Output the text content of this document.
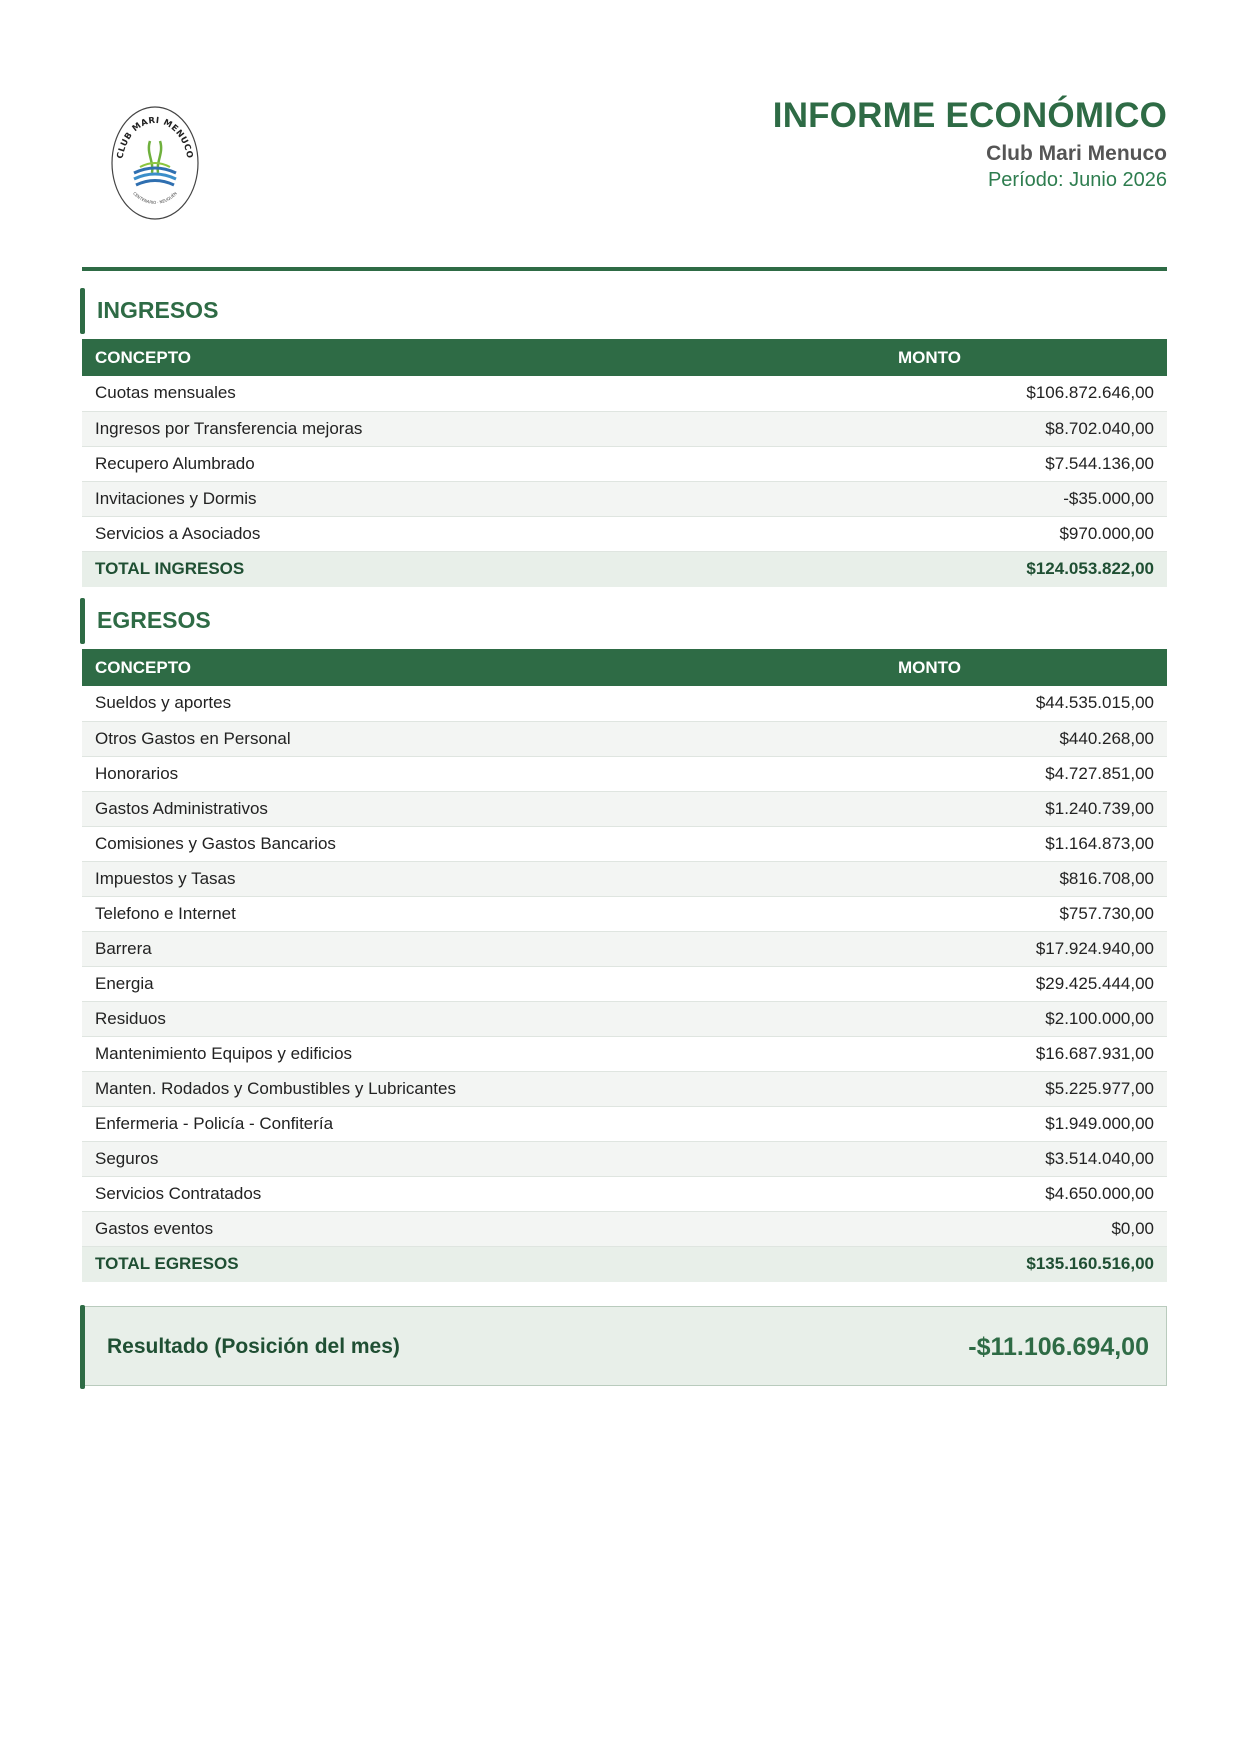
CLUB MARI MENUCO
CENTENARIO · NEUQUÉN
INFORME ECONÓMICO
Club Mari Menuco
Período: Junio 2026
INGRESOS
CONCEPTO	MONTO
Cuotas mensuales	$106.872.646,00
Ingresos por Transferencia mejoras	$8.702.040,00
Recupero Alumbrado	$7.544.136,00
Invitaciones y Dormis	-$35.000,00
Servicios a Asociados	$970.000,00
TOTAL INGRESOS	$124.053.822,00
EGRESOS
CONCEPTO	MONTO
Sueldos y aportes	$44.535.015,00
Otros Gastos en Personal	$440.268,00
Honorarios	$4.727.851,00
Gastos Administrativos	$1.240.739,00
Comisiones y Gastos Bancarios	$1.164.873,00
Impuestos y Tasas	$816.708,00
Telefono e Internet	$757.730,00
Barrera	$17.924.940,00
Energia	$29.425.444,00
Residuos	$2.100.000,00
Mantenimiento Equipos y edificios	$16.687.931,00
Manten. Rodados y Combustibles y Lubricantes	$5.225.977,00
Enfermeria - Policía - Confitería	$1.949.000,00
Seguros	$3.514.040,00
Servicios Contratados	$4.650.000,00
Gastos eventos	$0,00
TOTAL EGRESOS	$135.160.516,00
Resultado (Posición del mes)	-$11.106.694,00
